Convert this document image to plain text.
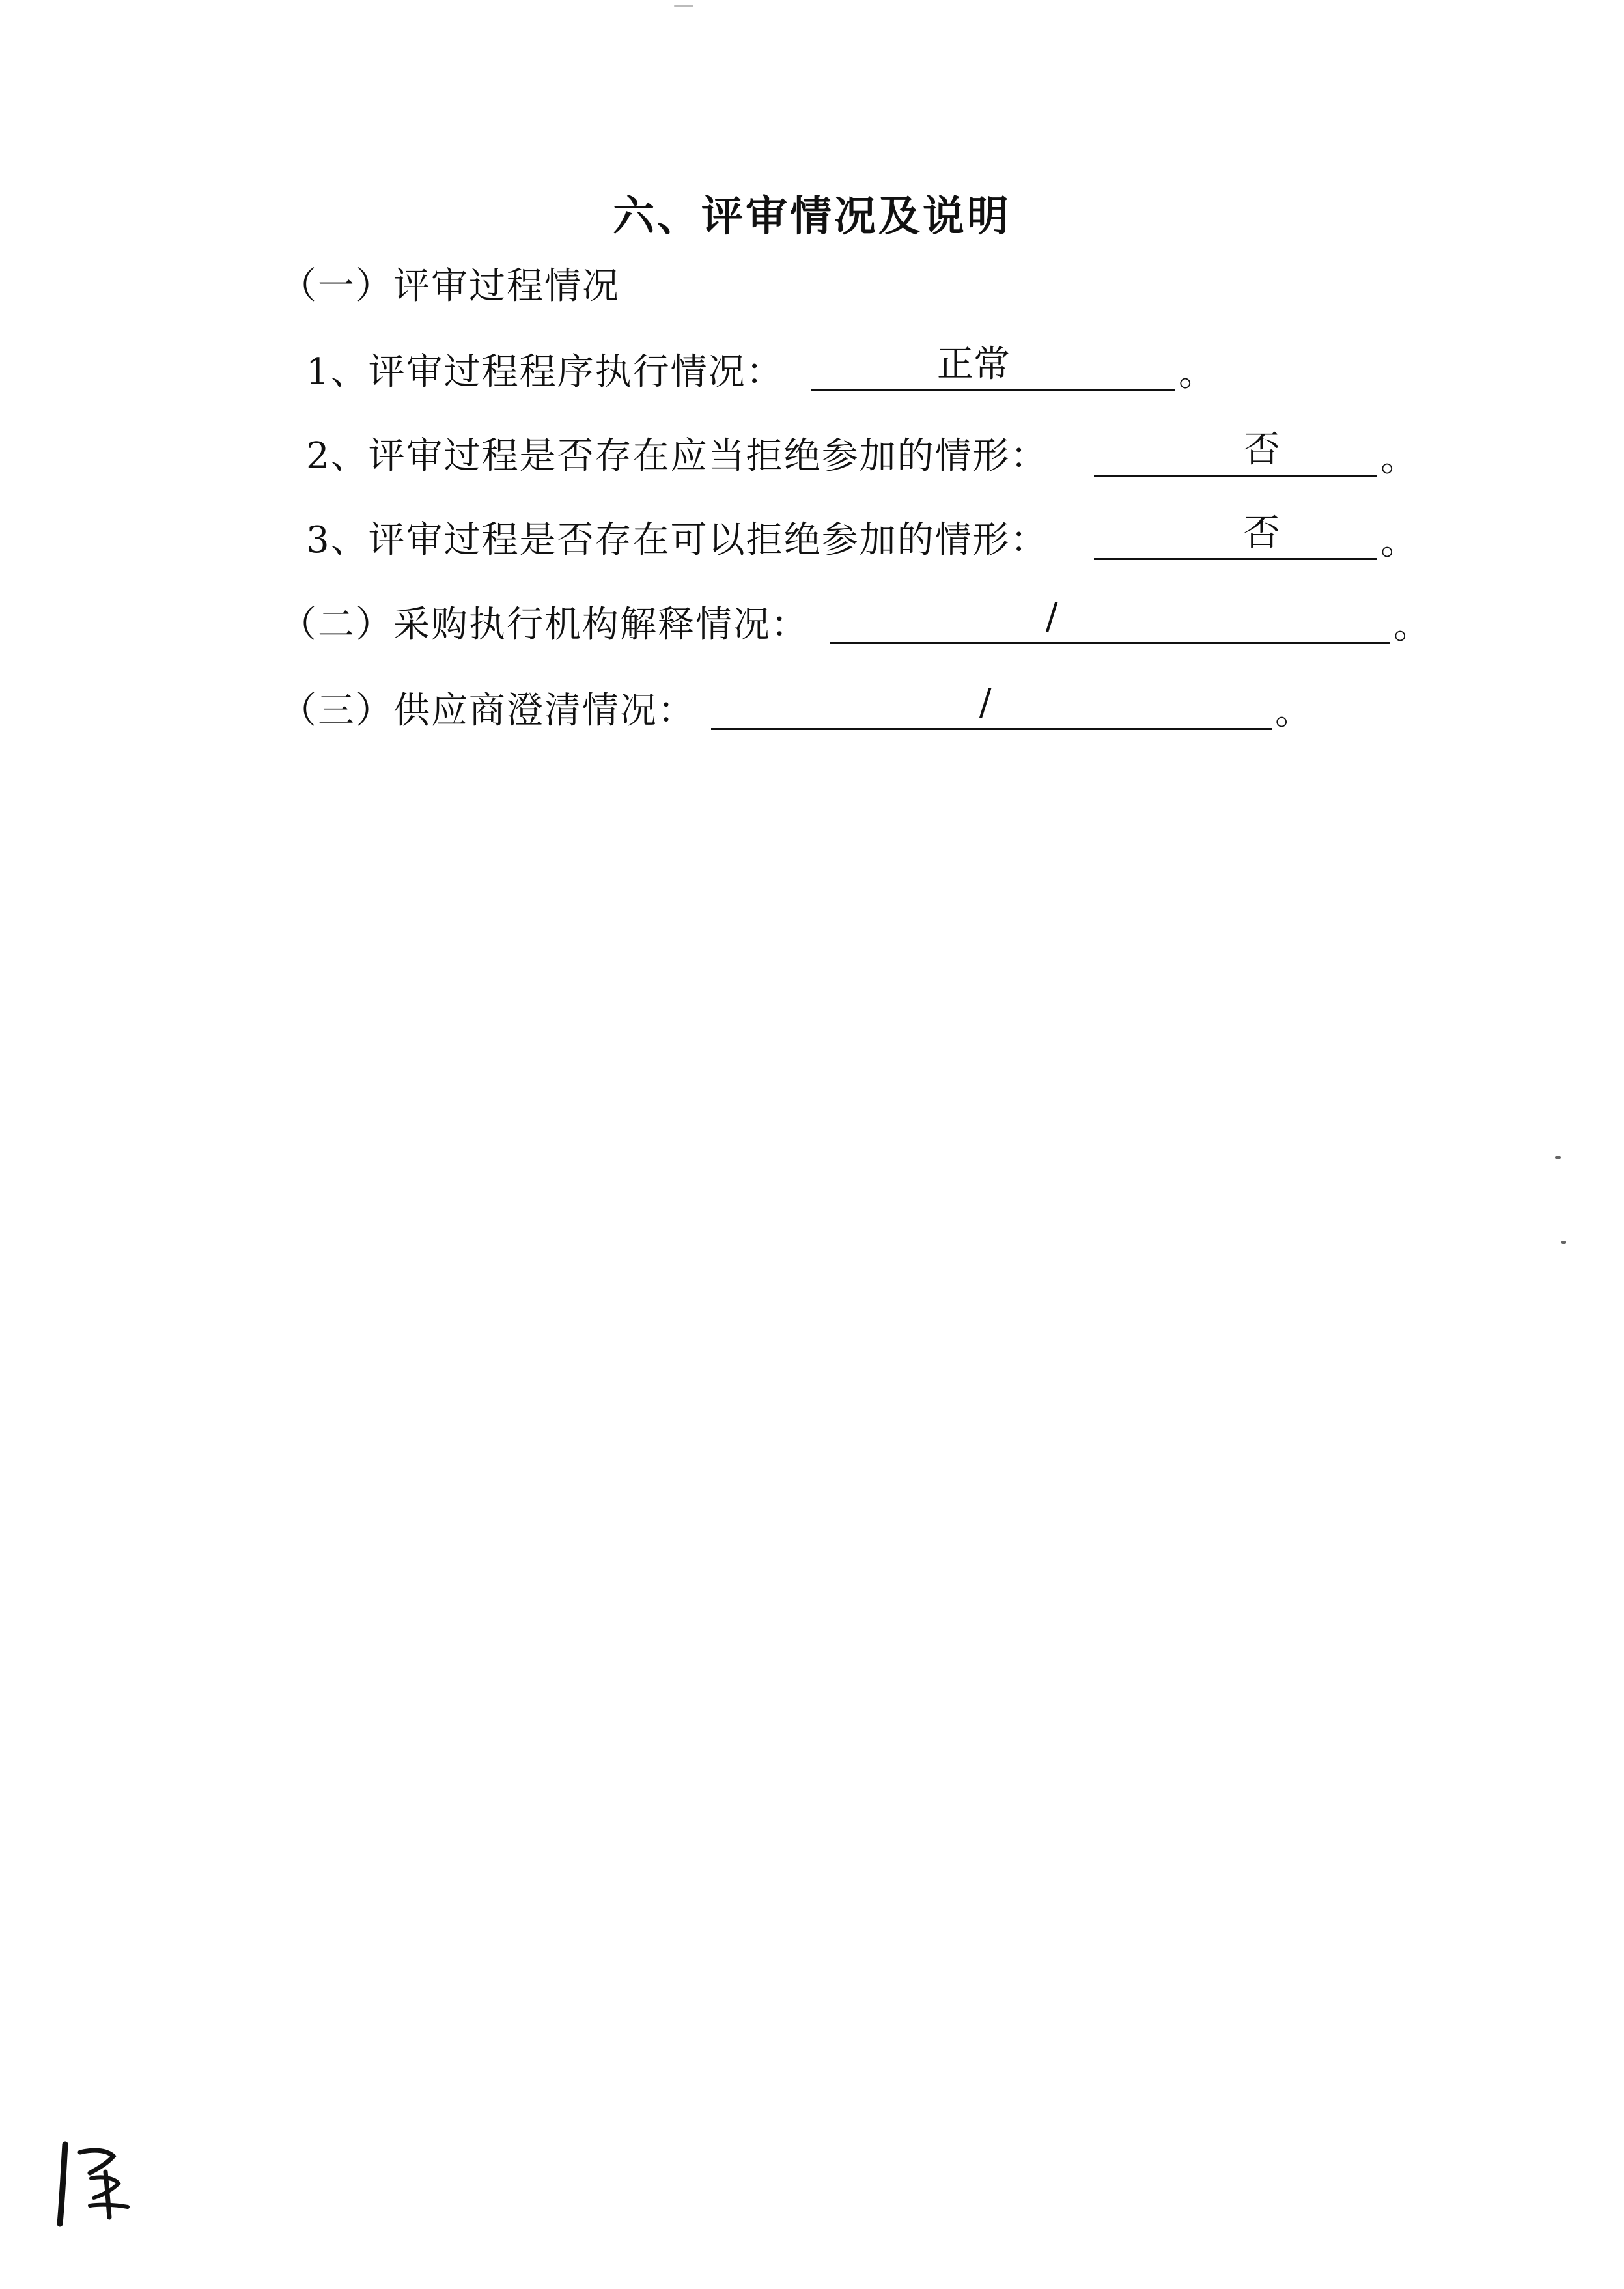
六、评审情况及说明
（一）评审过程情况
1、评审过程程序执行情况：	正常	。
2、评审过程是否存在应当拒绝参加的情形：	否	。
3、评审过程是否存在可以拒绝参加的情形：	否	。
（二）采购执行机构解释情况：	/	。
（三）供应商澄清情况：	/	。
